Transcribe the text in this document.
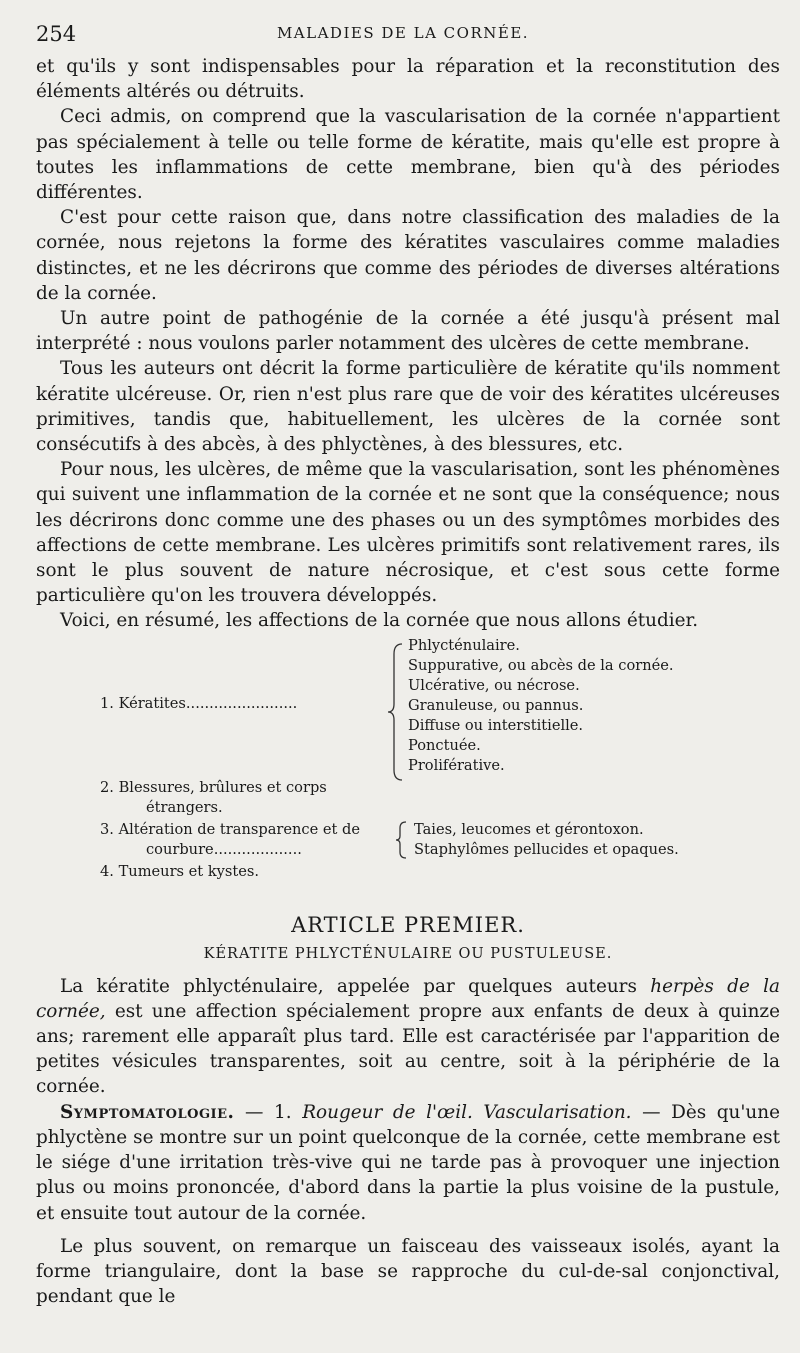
254	MALADIES DE LA CORNÉE.

et qu'ils y sont indispensables pour la réparation et la reconstitution des éléments altérés ou détruits.

Ceci admis, on comprend que la vascularisation de la cornée n'appartient pas spécialement à telle ou telle forme de kératite, mais qu'elle est propre à toutes les inflammations de cette membrane, bien qu'à des périodes différentes.

C'est pour cette raison que, dans notre classification des maladies de la cornée, nous rejetons la forme des kératites vasculaires comme maladies distinctes, et ne les décrirons que comme des périodes de diverses altérations de la cornée.

Un autre point de pathogénie de la cornée a été jusqu'à présent mal interprété : nous voulons parler notamment des ulcères de cette membrane.

Tous les auteurs ont décrit la forme particulière de kératite qu'ils nomment kératite ulcéreuse. Or, rien n'est plus rare que de voir des kératites ulcéreuses primitives, tandis que, habituellement, les ulcères de la cornée sont consécutifs à des abcès, à des phlyctènes, à des blessures, etc.

Pour nous, les ulcères, de même que la vascularisation, sont les phénomènes qui suivent une inflammation de la cornée et ne sont que la conséquence; nous les décrirons donc comme une des phases ou un des symptômes morbides des affections de cette membrane. Les ulcères primitifs sont relativement rares, ils sont le plus souvent de nature nécrosique, et c'est sous cette forme particulière qu'on les trouvera développés.

Voici, en résumé, les affections de la cornée que nous allons étudier.

1. Kératites........................
Phlycténulaire.
Suppurative, ou abcès de la cornée.
Ulcérative, ou nécrose.
Granuleuse, ou pannus.
Diffuse ou interstitielle.
Ponctuée.
Proliférative.
2. Blessures, brûlures et corps
étrangers.
3. Altération de transparence et de
courbure...................
Taies, leucomes et gérontoxon.
Staphylômes pellucides et opaques.
4. Tumeurs et kystes.
ARTICLE PREMIER.
KÉRATITE PHLYCTÉNULAIRE OU PUSTULEUSE.

La kératite phlycténulaire, appelée par quelques auteurs herpès de la cornée, est une affection spécialement propre aux enfants de deux à quinze ans; rarement elle apparaît plus tard. Elle est caractérisée par l'apparition de petites vésicules transparentes, soit au centre, soit à la périphérie de la cornée.

Symptomatologie. — 1. Rougeur de l'œil. Vascularisation. — Dès qu'une phlyctène se montre sur un point quelconque de la cornée, cette membrane est le siége d'une irritation très-vive qui ne tarde pas à provoquer une injection plus ou moins prononcée, d'abord dans la partie la plus voisine de la pustule, et ensuite tout autour de la cornée.

Le plus souvent, on remarque un faisceau des vaisseaux isolés, ayant la forme triangulaire, dont la base se rapproche du cul-de-sal conjonctival, pendant que le
